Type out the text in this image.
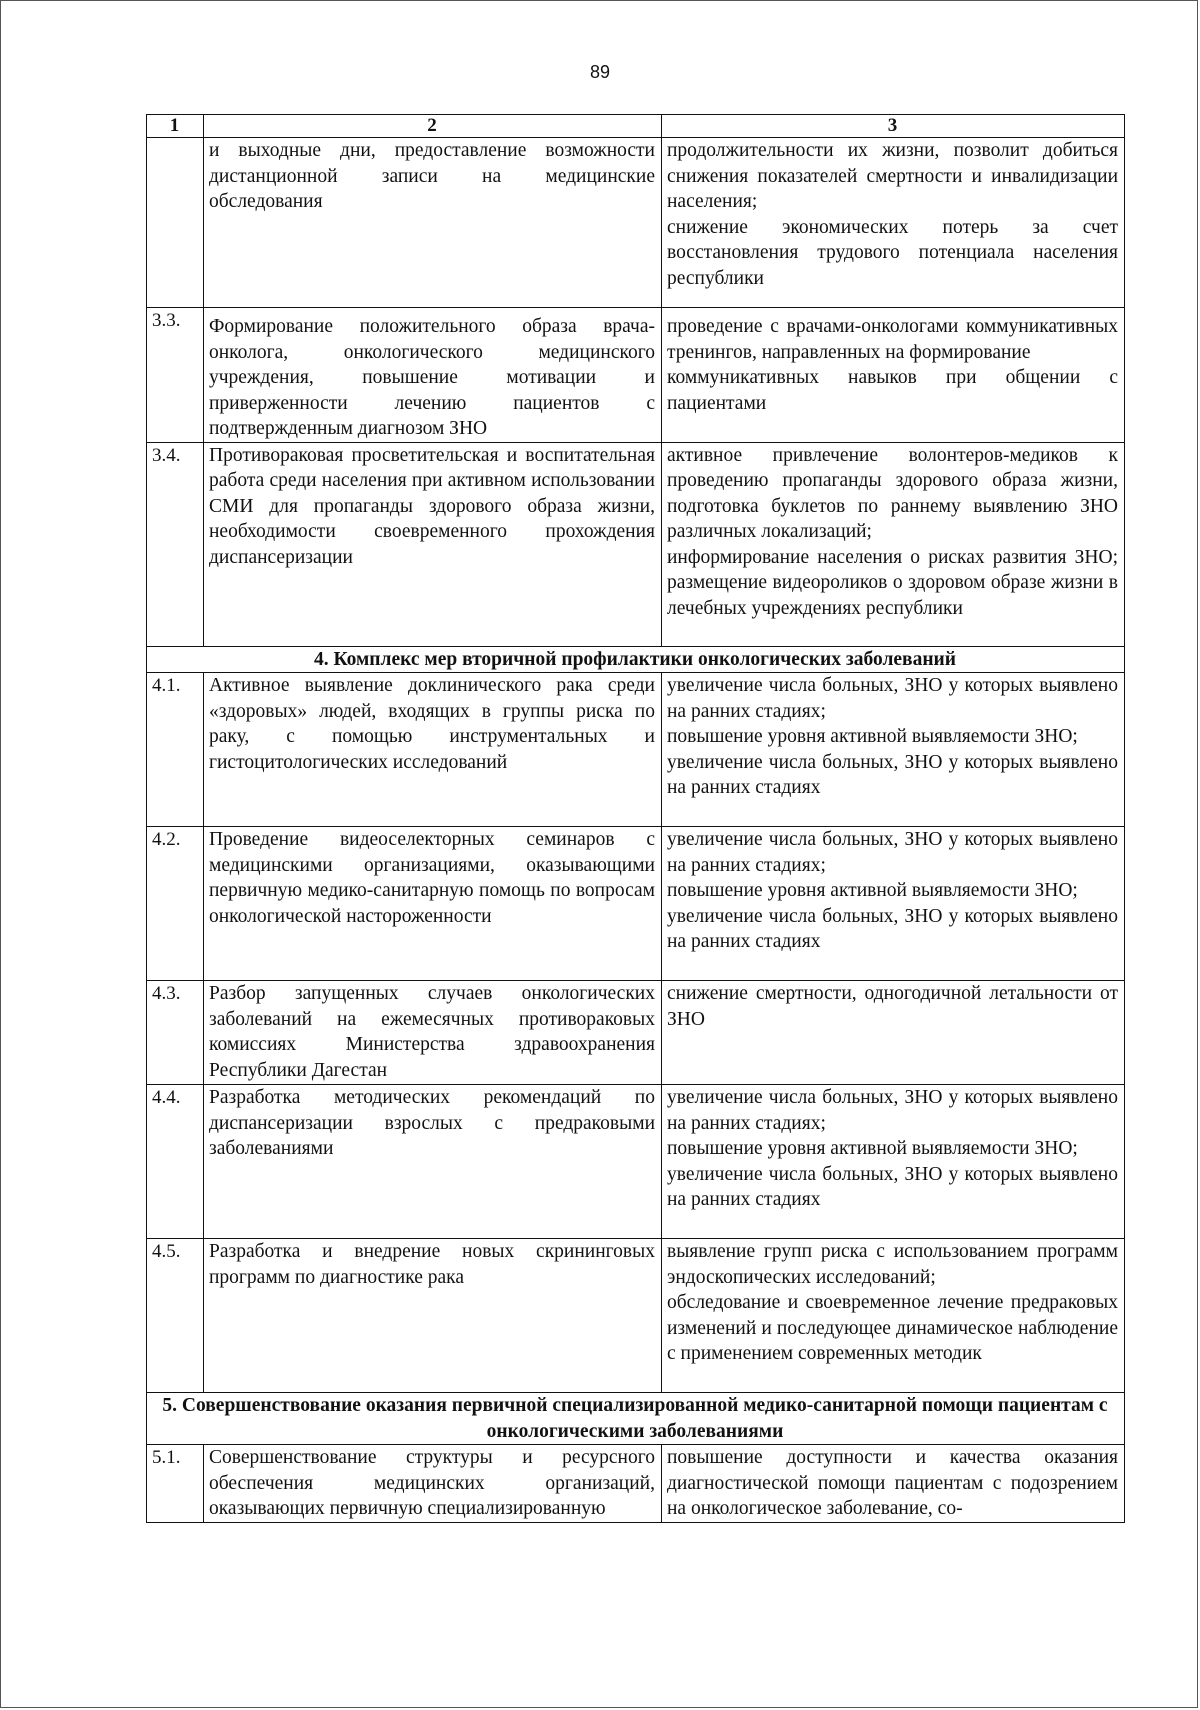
89
1	2	3
	и выходные дни, предоставление возможности дистанционной записи на медицинские обследования	продолжительности их жизни, позволит добиться снижения показателей смертности и инвалидизации населения;
снижение экономических потерь за счет восстановления трудового потенциала населения республики

3.3.	Формирование положительного образа врача-онколога, онкологического медицинского учреждения, повышение мотивации и приверженности лечению пациентов с подтвержденным диагнозом ЗНО	проведение с врачами-онкологами коммуникативных тренингов, направленных на формирование
коммуникативных навыков при общении с пациентами

3.4.	Противораковая просветительская и воспитательная работа среди населения при активном использовании СМИ для пропаганды здорового образа жизни, необходимости своевременного прохождения диспансеризации	активное привлечение волонтеров-медиков к проведению пропаганды здорового образа жизни, подготовка буклетов по раннему выявлению ЗНО различных локализаций;
информирование населения о рисках развития ЗНО; размещение видеороликов о здоровом образе жизни в лечебных учреждениях республики

4. Комплекс мер вторичной профилактики онкологических заболеваний		
4.1.	Активное выявление доклинического рака среди «здоровых» людей, входящих в группы риска по раку, с помощью инструментальных и гистоцитологических исследований	увеличение числа больных, ЗНО у которых выявлено на ранних стадиях;
повышение уровня активной выявляемости ЗНО;
увеличение числа больных, ЗНО у которых выявлено на ранних стадиях

4.2.	Проведение видеоселекторных семинаров с медицинскими организациями, оказывающими первичную медико-санитарную помощь по вопросам онкологической настороженности	увеличение числа больных, ЗНО у которых выявлено на ранних стадиях;
повышение уровня активной выявляемости ЗНО;
увеличение числа больных, ЗНО у которых выявлено на ранних стадиях

4.3.	Разбор запущенных случаев онкологических заболеваний на ежемесячных противораковых комиссиях Министерства здравоохранения Республики Дагестан	снижение смертности, одногодичной летальности от ЗНО

4.4.	Разработка методических рекомендаций по диспансеризации взрослых с предраковыми заболеваниями	увеличение числа больных, ЗНО у которых выявлено на ранних стадиях;
повышение уровня активной выявляемости ЗНО;
увеличение числа больных, ЗНО у которых выявлено на ранних стадиях

4.5.	Разработка и внедрение новых скрининговых программ по диагностике рака	выявление групп риска с использованием программ эндоскопических исследований;
обследование и своевременное лечение предраковых изменений и последующее динамическое наблюдение с применением современных методик

5. Совершенствование оказания первичной специализированной медико-санитарной помощи пациентам с онкологическими заболеваниями		
5.1.	Совершенствование структуры и ресурсного обеспечения медицинских организаций, оказывающих первичную специализированную	повышение доступности и качества оказания диагностической помощи пациентам с подозрением на онкологическое заболевание, со-
